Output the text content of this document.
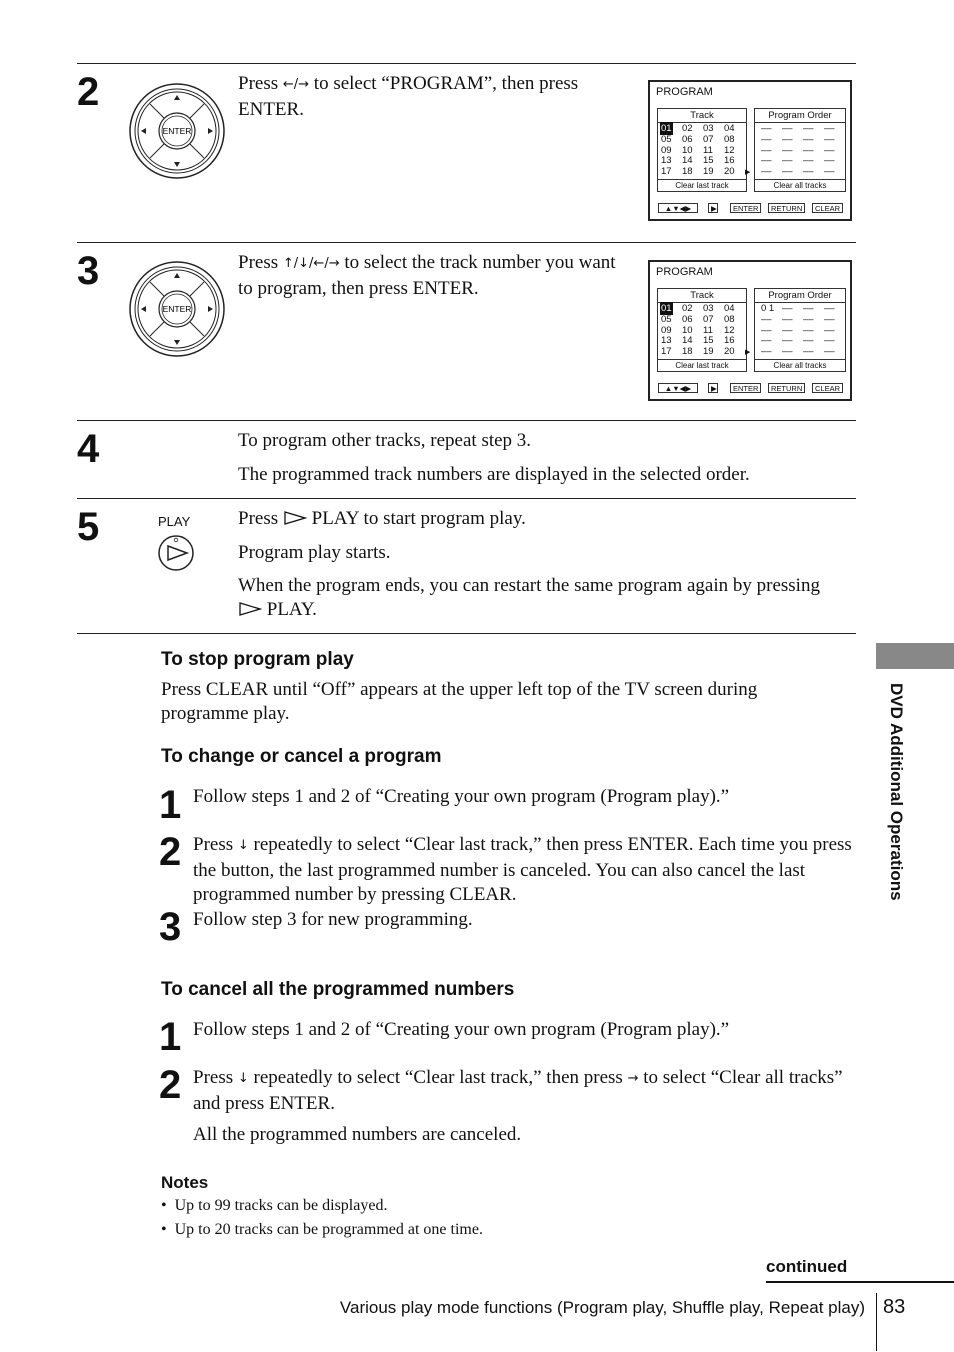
2
ENTER
Press ←/→ to select “PROGRAM”, then press ENTER.
PROGRAM
Track
01 02 03 04
05 06 07 08
09 10 11 12
13 14 15 16
17 18 19 20 ▶
Clear last track
Program Order
–– –– –– ––
–– –– –– ––
–– –– –– ––
–– –– –– ––
–– –– –– ––
Clear all tracks
▲▼◀▶	▶	ENTER	RETURN	CLEAR
3
ENTER
Press ↑/↓/←/→ to select the track number you want to program, then press ENTER.
PROGRAM
Track
01 02 03 04
05 06 07 08
09 10 11 12
13 14 15 16
17 18 19 20 ▶
Clear last track
Program Order
0 1 –– –– ––
–– –– –– ––
–– –– –– ––
–– –– –– ––
–– –– –– ––
Clear all tracks
▲▼◀▶	▶	ENTER	RETURN	CLEAR
4	To program other tracks, repeat step 3.
The programmed track numbers are displayed in the selected order.
5	PLAY	Press  PLAY to start program play.
Program play starts.
When the program ends, you can restart the same program again by pressing  PLAY.
To stop program play
Press CLEAR until “Off” appears at the upper left top of the TV screen during programme play.
To change or cancel a program
1 Follow steps 1 and 2 of “Creating your own program (Program play).”
2 Press ↓ repeatedly to select “Clear last track,” then press ENTER. Each time you press the button, the last programmed number is canceled. You can also cancel the last programmed number by pressing CLEAR.
3 Follow step 3 for new programming.
To cancel all the programmed numbers
1 Follow steps 1 and 2 of “Creating your own program (Program play).”
2 Press ↓ repeatedly to select “Clear last track,” then press → to select “Clear all tracks” and press ENTER.
All the programmed numbers are canceled.
Notes
•  Up to 99 tracks can be displayed.
•  Up to 20 tracks can be programmed at one time.
DVD Additional Operations
continued
Various play mode functions (Program play, Shuffle play, Repeat play) 83
